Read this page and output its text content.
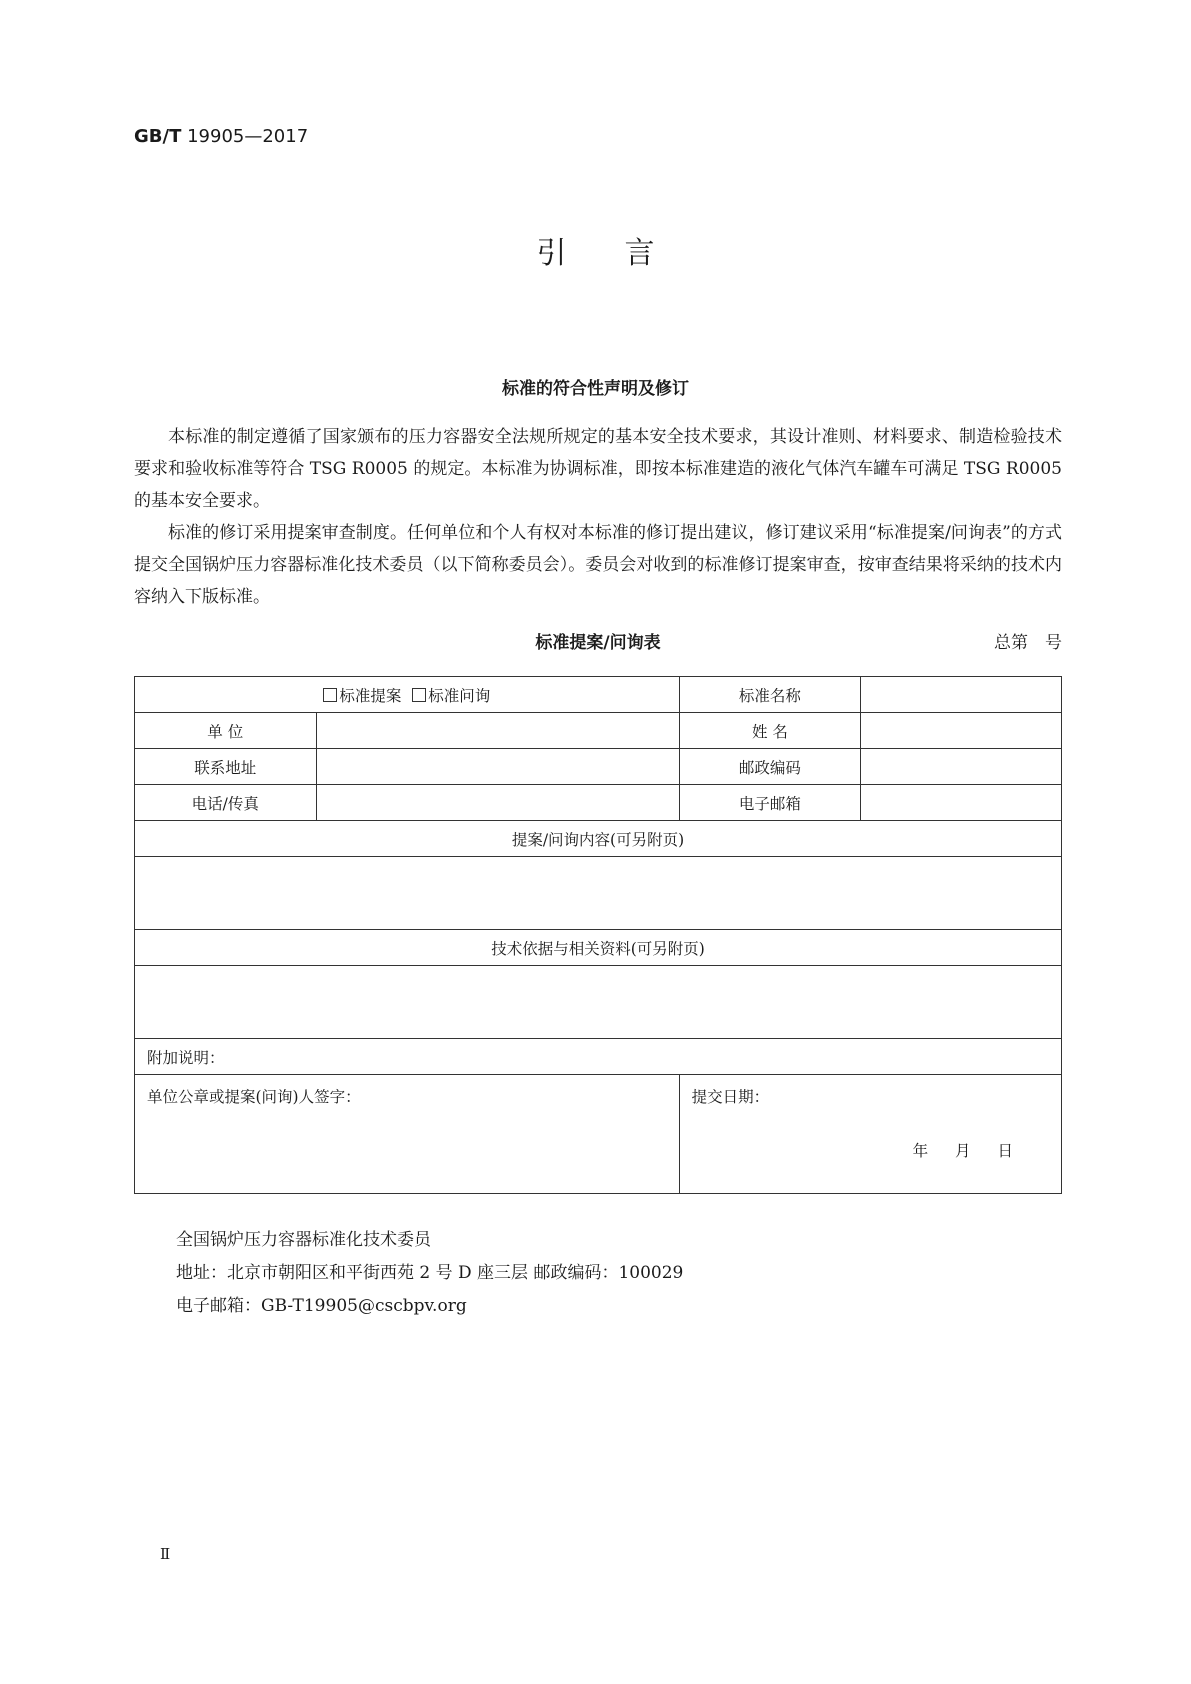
GB/T 19905—2017
引言
标准的符合性声明及修订

本标准的制定遵循了国家颁布的压力容器安全法规所规定的基本安全技术要求，其设计准则、材料要求、制造检验技术要求和验收标准等符合 TSG R0005 的规定。本标准为协调标准，即按本标准建造的液化气体汽车罐车可满足 TSG R0005 的基本安全要求。

标准的修订采用提案审查制度。任何单位和个人有权对本标准的修订提出建议，修订建议采用“标准提案/问询表”的方式提交全国锅炉压力容器标准化技术委员（以下简称委员会）。委员会对收到的标准修订提案审查，按审查结果将采纳的技术内容纳入下版标准。

标准提案/问询表	总第　号
标准提案 标准问询		标准名称	
单 位		姓 名	
联系地址		邮政编码	
电话/传真		电子邮箱	
提案/问询内容(可另附页)			

技术依据与相关资料(可另附页)			

附加说明：			
单位公章或提案(问询)人签字：		提交日期：
年 月 日	
全国锅炉压力容器标准化技术委员
地址：北京市朝阳区和平街西苑 2 号 D 座三层 邮政编码：100029
电子邮箱：GB-T19905@cscbpv.org
Ⅱ
